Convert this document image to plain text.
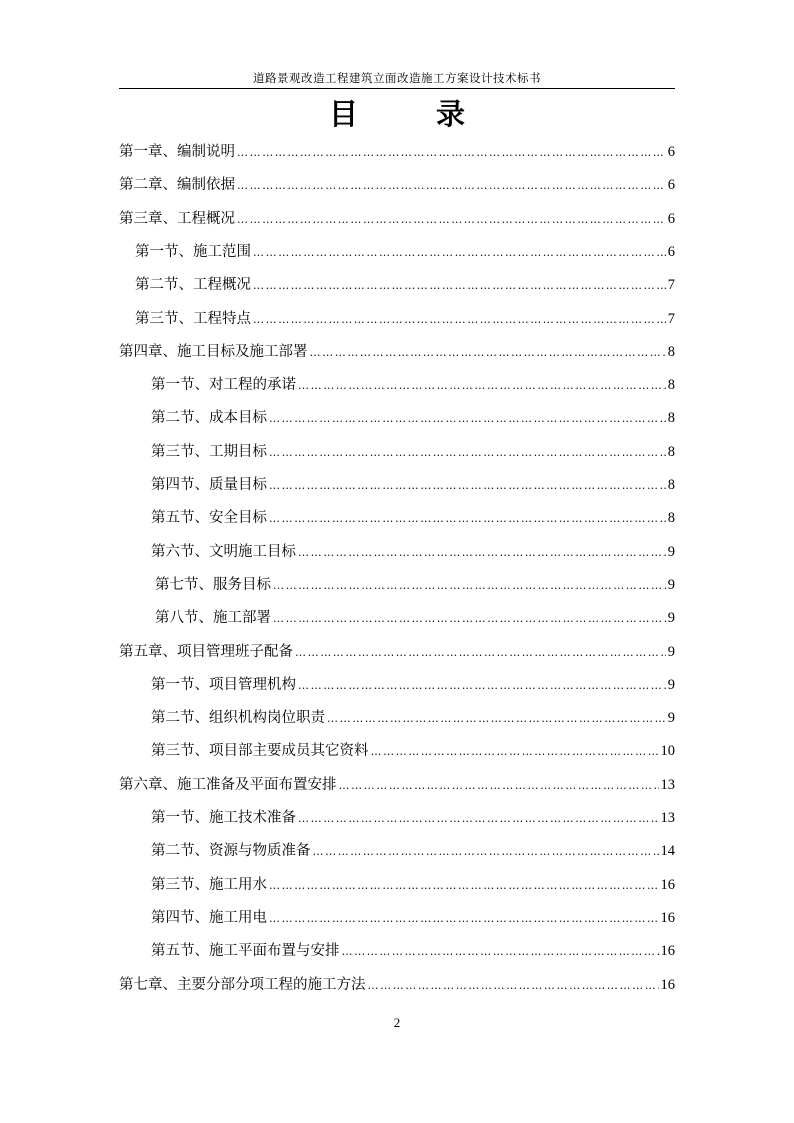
道路景观改造工程建筑立面改造施工方案设计技术标书
目	录
第一章、编制说明 ……………………………………………………………………………………………………………………………………………………………………………………………………	6
第二章、编制依据 ……………………………………………………………………………………………………………………………………………………………………………………………………	6
第三章、工程概况 ……………………………………………………………………………………………………………………………………………………………………………………………………	6
第一节、施工范围 ……………………………………………………………………………………………………………………………………………………………………………………………………	6
第二节、工程概况 ……………………………………………………………………………………………………………………………………………………………………………………………………	7
第三节、工程特点 ……………………………………………………………………………………………………………………………………………………………………………………………………	7
第四章、施工目标及施工部署 ……………………………………………………………………………………………………………………………………………………………………………………………………	8
第一节、对工程的承诺 ……………………………………………………………………………………………………………………………………………………………………………………………………	8
第二节、成本目标 ……………………………………………………………………………………………………………………………………………………………………………………………………	8
第三节、工期目标 ……………………………………………………………………………………………………………………………………………………………………………………………………	8
第四节、质量目标 ……………………………………………………………………………………………………………………………………………………………………………………………………	8
第五节、安全目标 ……………………………………………………………………………………………………………………………………………………………………………………………………	8
第六节、文明施工目标 ……………………………………………………………………………………………………………………………………………………………………………………………………	9
第七节、服务目标 ……………………………………………………………………………………………………………………………………………………………………………………………………	9
第八节、施工部署 ……………………………………………………………………………………………………………………………………………………………………………………………………	9
第五章、项目管理班子配备 ……………………………………………………………………………………………………………………………………………………………………………………………………	9
第一节、项目管理机构 ……………………………………………………………………………………………………………………………………………………………………………………………………	9
第二节、组织机构岗位职责 ……………………………………………………………………………………………………………………………………………………………………………………………………	9
第三节、项目部主要成员其它资料 ……………………………………………………………………………………………………………………………………………………………………………………………………	10
第六章、施工准备及平面布置安排 ……………………………………………………………………………………………………………………………………………………………………………………………………	13
第一节、施工技术准备 ……………………………………………………………………………………………………………………………………………………………………………………………………	13
第二节、资源与物质准备 ……………………………………………………………………………………………………………………………………………………………………………………………………	14
第三节、施工用水 ……………………………………………………………………………………………………………………………………………………………………………………………………	16
第四节、施工用电 ……………………………………………………………………………………………………………………………………………………………………………………………………	16
第五节、施工平面布置与安排 ……………………………………………………………………………………………………………………………………………………………………………………………………	16
第七章、主要分部分项工程的施工方法 ……………………………………………………………………………………………………………………………………………………………………………………………………	16
2
